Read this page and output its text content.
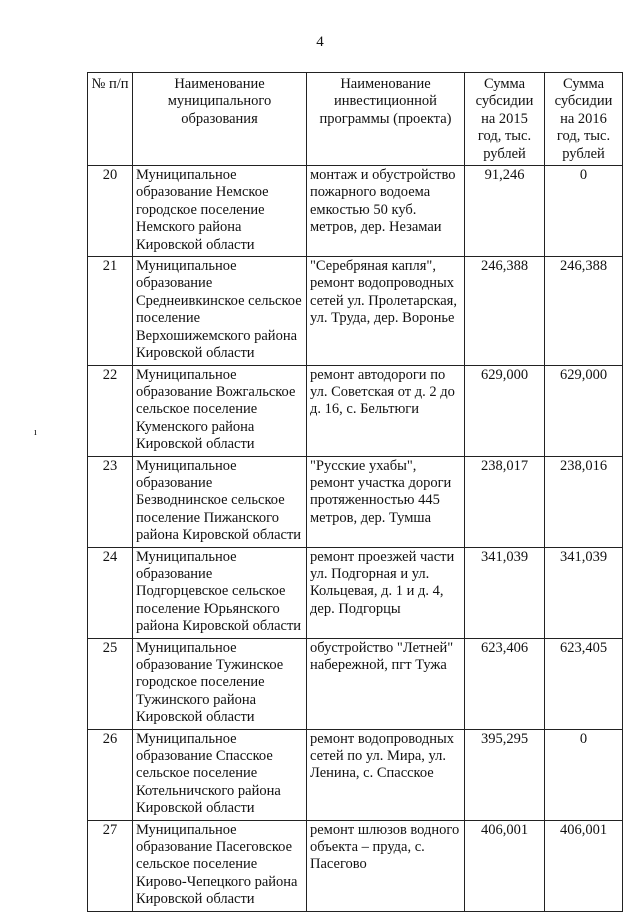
4
ı
№ п/п	Наименование муниципального образования	Наименование инвестиционной программы (проекта)	Сумма субсидии на 2015 год, тыс. рублей	Сумма субсидии на 2016 год, тыс. рублей
20	Муниципальное образование Немское городское поселение Немского района Кировской области	монтаж и обустройство пожарного водоема емкостью 50 куб. метров, дер. Незамаи	91,246	0
21	Муниципальное образование Среднеивкинское сельское поселение Верхошижемского района Кировской области	"Серебряная капля", ремонт водопроводных сетей ул. Пролетарская, ул. Труда, дер. Воронье	246,388	246,388
22	Муниципальное образование Вожгальское сельское поселение Куменского района Кировской области	ремонт автодороги по ул. Советская от д. 2 до д. 16, с. Бельтюги	629,000	629,000
23	Муниципальное образование Безводнинское сельское поселение Пижанского района Кировской области	"Русские ухабы", ремонт участка дороги протяженностью 445 метров, дер. Тумша	238,017	238,016
24	Муниципальное образование Подгорцевское сельское поселение Юрьянского района Кировской области	ремонт проезжей части ул. Подгорная и ул. Кольцевая, д. 1 и д. 4, дер. Подгорцы	341,039	341,039
25	Муниципальное образование Тужинское городское поселение Тужинского района Кировской области	обустройство "Летней" набережной, пгт Тужа	623,406	623,405
26	Муниципальное образование Спасское сельское поселение Котельничского района Кировской области	ремонт водопроводных сетей по ул. Мира, ул. Ленина, с. Спасское	395,295	0
27	Муниципальное образование Пасеговское сельское поселение Кирово-Чепецкого района Кировской области	ремонт шлюзов водного объекта – пруда, с. Пасегово	406,001	406,001
